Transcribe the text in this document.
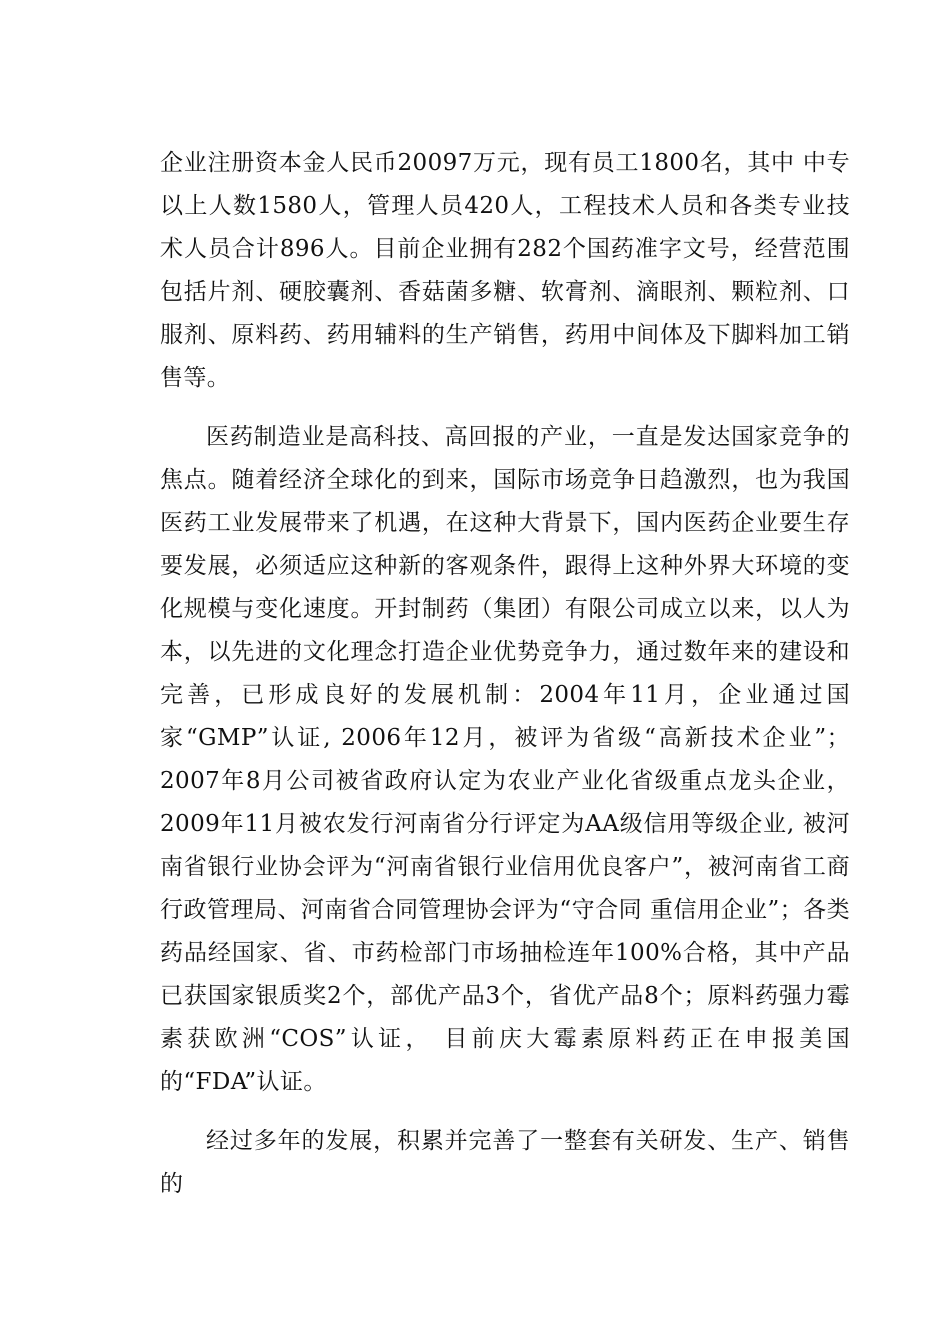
企业注册资本金人民币20097万元，现有员工1800名，其中 中专以上人数1580人，管理人员420人，工程技术人员和各类专业技术人员合计896人。目前企业拥有282个国药准字文号，经营范围包括片剂、硬胶囊剂、香菇菌多糖、软膏剂、滴眼剂、颗粒剂、口服剂、原料药、药用辅料的生产销售，药用中间体及下脚料加工销售等。

医药制造业是高科技、高回报的产业，一直是发达国家竞争的焦点。随着经济全球化的到来，国际市场竞争日趋激烈，也为我国医药工业发展带来了机遇，在这种大背景下，国内医药企业要生存要发展，必须适应这种新的客观条件，跟得上这种外界大环境的变化规模与变化速度。开封制药（集团）有限公司成立以来，以人为本，以先进的文化理念打造企业优势竞争力，通过数年来的建设和完善，已形成良好的发展机制：2004年11月，企业通过国家“GMP”认证, 2006年12月，被评为省级“高新技术企业”；2007年8月公司被省政府认定为农业产业化省级重点龙头企业，2009年11月被农发行河南省分行评定为AA级信用等级企业, 被河南省银行业协会评为“河南省银行业信用优良客户”，被河南省工商行政管理局、河南省合同管理协会评为“守合同 重信用企业”；各类药品经国家、省、市药检部门市场抽检连年100%合格，其中产品已获国家银质奖2个，部优产品3个，省优产品8个；原料药强力霉素获欧洲“COS”认证， 目前庆大霉素原料药正在申报美国的“FDA”认证。

经过多年的发展，积累并完善了一整套有关研发、生产、销售的
